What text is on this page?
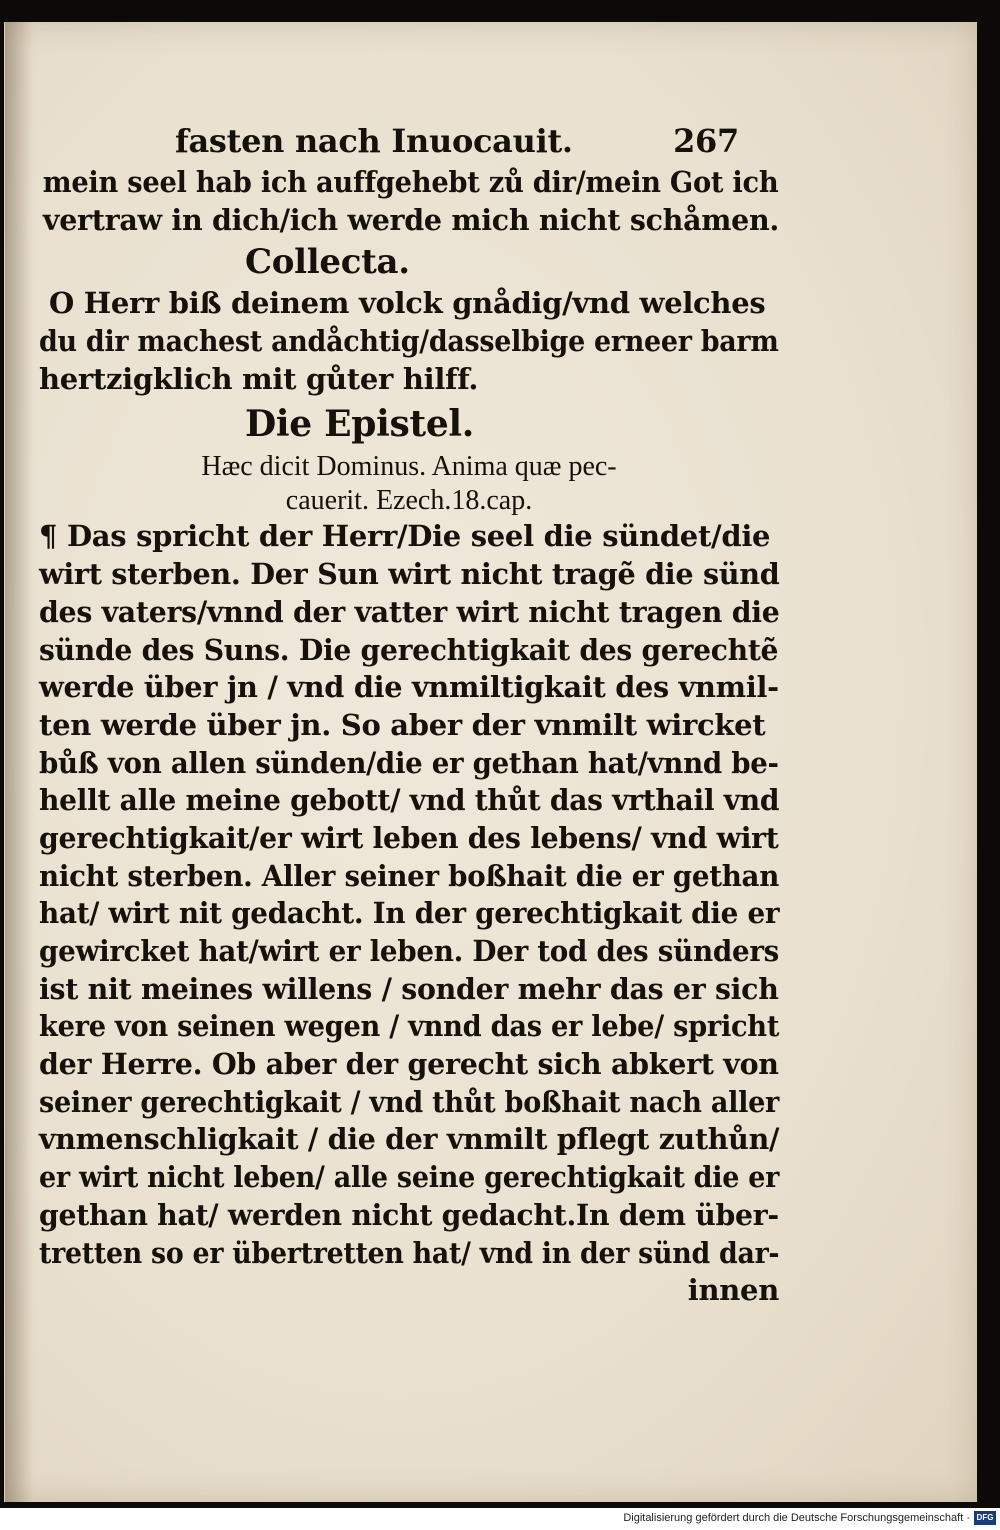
fasten nach Inuocauit.	267
mein seel hab ich auffgehebt zů dir/mein Got ich
vertraw in dich/ich werde mich nicht schåmen.
Collecta.
O Herr biß deinem volck gnådig/vnd welches
du dir machest andåchtig/dasselbige erneer barm
hertzigklich mit gůter hilff.
Die Epistel.
Hæc dicit Dominus. Anima quæ pec-
cauerit. Ezech.18.cap.
¶ Das spricht der Herr/Die seel die sündet/die
wirt sterben. Der Sun wirt nicht tragẽ die sünd
des vaters/vnnd der vatter wirt nicht tragen die
sünde des Suns. Die gerechtigkait des gerechtẽ
werde über jn / vnd die vnmiltigkait des vnmil-
ten werde über jn. So aber der vnmilt wircket
bůß von allen sünden/die er gethan hat/vnnd be-
hellt alle meine gebott/ vnd thůt das vrthail vnd
gerechtigkait/er wirt leben des lebens/ vnd wirt
nicht sterben. Aller seiner boßhait die er gethan
hat/ wirt nit gedacht. In der gerechtigkait die er
gewircket hat/wirt er leben. Der tod des sünders
ist nit meines willens / sonder mehr das er sich
kere von seinen wegen / vnnd das er lebe/ spricht
der Herre. Ob aber der gerecht sich abkert von
seiner gerechtigkait / vnd thůt boßhait nach aller
vnmenschligkait / die der vnmilt pflegt zuthůn/
er wirt nicht leben/ alle seine gerechtigkait die er
gethan hat/ werden nicht gedacht.In dem über-
tretten so er übertretten hat/ vnd in der sünd dar-
innen
Digitalisierung gefördert durch die Deutsche Forschungsgemeinschaft · DFG
